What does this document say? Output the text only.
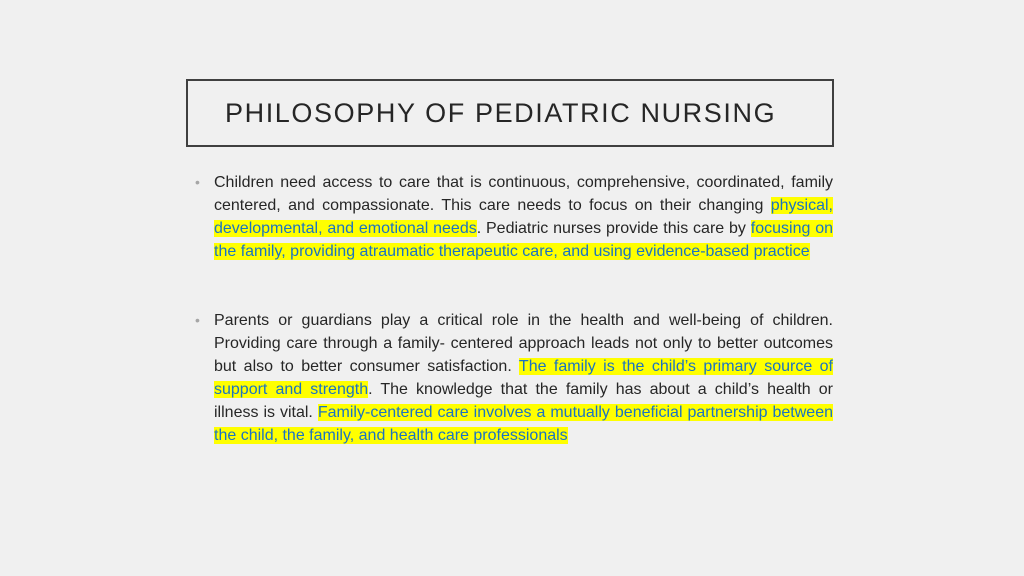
PHILOSOPHY OF PEDIATRIC NURSING
• Children need access to care that is continuous, comprehensive, coordinated, family centered, and compassionate. This care needs to focus on their changing physical, developmental, and emotional needs. Pediatric nurses provide this care by focusing on the family, providing atraumatic therapeutic care, and using evidence-based practice
• Parents or guardians play a critical role in the health and well-being of children. Providing care through a family- centered approach leads not only to better outcomes but also to better consumer satisfaction. The family is the child’s primary source of support and strength. The knowledge that the family has about a child’s health or illness is vital. Family-centered care involves a mutually beneficial partnership between the child, the family, and health care professionals
